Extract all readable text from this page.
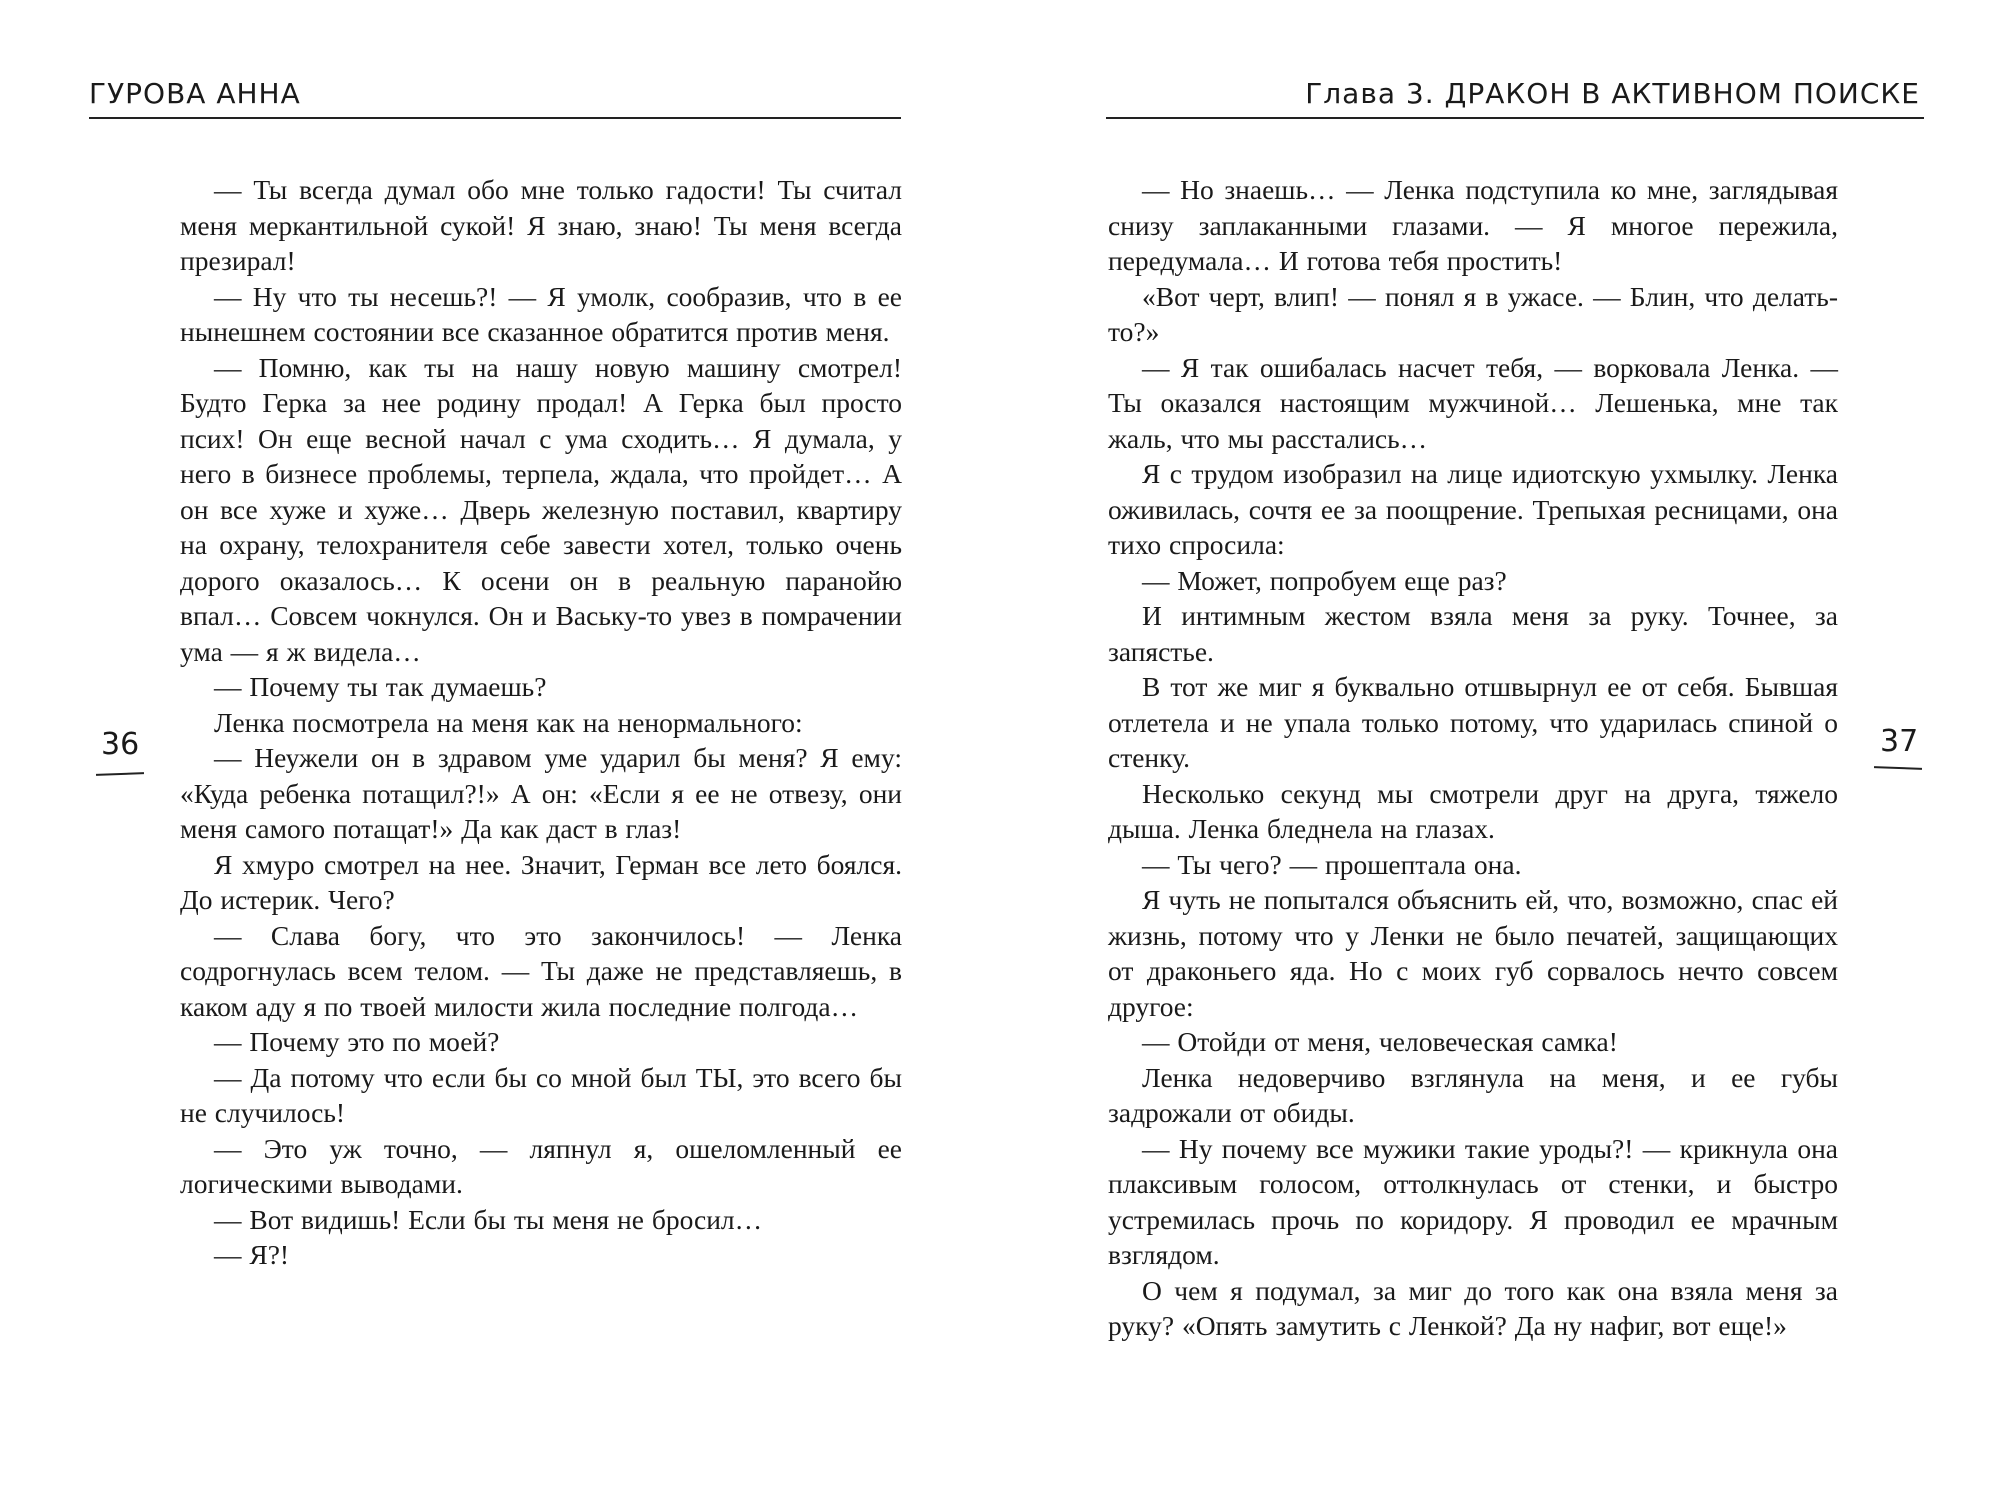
ГУРОВА АННА	Глава 3. ДРАКОН В АКТИВНОМ ПОИСКЕ
36	37

— Ты всегда думал обо мне только гадости! Ты считал меня меркантильной сукой! Я знаю, знаю! Ты меня всегда презирал!

— Ну что ты несешь?! — Я умолк, сообразив, что в ее нынешнем состоянии все сказанное обратится против меня.

— Помню, как ты на нашу новую машину смотрел! Будто Герка за нее родину продал! А Герка был просто псих! Он еще весной начал с ума сходить… Я думала, у него в бизнесе проблемы, терпела, ждала, что пройдет… А он все хуже и хуже… Дверь железную поставил, квартиру на охрану, телохранителя себе завести хотел, только очень дорого оказалось… К осени он в реальную паранойю впал… Совсем чокнулся. Он и Ваську-то увез в помрачении ума — я ж видела…

— Почему ты так думаешь?

Ленка посмотрела на меня как на ненормального:

— Неужели он в здравом уме ударил бы меня? Я ему: «Куда ребенка потащил?!» А он: «Если я ее не отвезу, они меня самого потащат!» Да как даст в глаз!

Я хмуро смотрел на нее. Значит, Герман все лето боялся. До истерик. Чего?

— Слава богу, что это закончилось! — Ленка содрогнулась всем телом. — Ты даже не представляешь, в каком аду я по твоей милости жила последние полгода…

— Почему это по моей?

— Да потому что если бы со мной был ТЫ, это всего бы не случилось!

— Это уж точно, — ляпнул я, ошеломленный ее логическими выводами.

— Вот видишь! Если бы ты меня не бросил…

— Я?!

— Но знаешь… — Ленка подступила ко мне, заглядывая снизу заплаканными глазами. — Я многое пережила, передумала… И готова тебя простить!

«Вот черт, влип! — понял я в ужасе. — Блин, что делать-то?»

— Я так ошибалась насчет тебя, — ворковала Ленка. — Ты оказался настоящим мужчиной… Лешенька, мне так жаль, что мы расстались…

Я с трудом изобразил на лице идиотскую ухмылку. Ленка оживилась, сочтя ее за поощрение. Трепыхая ресницами, она тихо спросила:

— Может, попробуем еще раз?

И интимным жестом взяла меня за руку. Точнее, за запястье.

В тот же миг я буквально отшвырнул ее от себя. Бывшая отлетела и не упала только потому, что ударилась спиной о стенку.

Несколько секунд мы смотрели друг на друга, тяжело дыша. Ленка бледнела на глазах.

— Ты чего? — прошептала она.

Я чуть не попытался объяснить ей, что, возможно, спас ей жизнь, потому что у Ленки не было печатей, защищающих от драконьего яда. Но с моих губ сорвалось нечто совсем другое:

— Отойди от меня, человеческая самка!

Ленка недоверчиво взглянула на меня, и ее губы задрожали от обиды.

— Ну почему все мужики такие уроды?! — крикнула она плаксивым голосом, оттолкнулась от стенки, и быстро устремилась прочь по коридору. Я проводил ее мрачным взглядом.

О чем я подумал, за миг до того как она взяла меня за руку? «Опять замутить с Ленкой? Да ну нафиг, вот еще!»
